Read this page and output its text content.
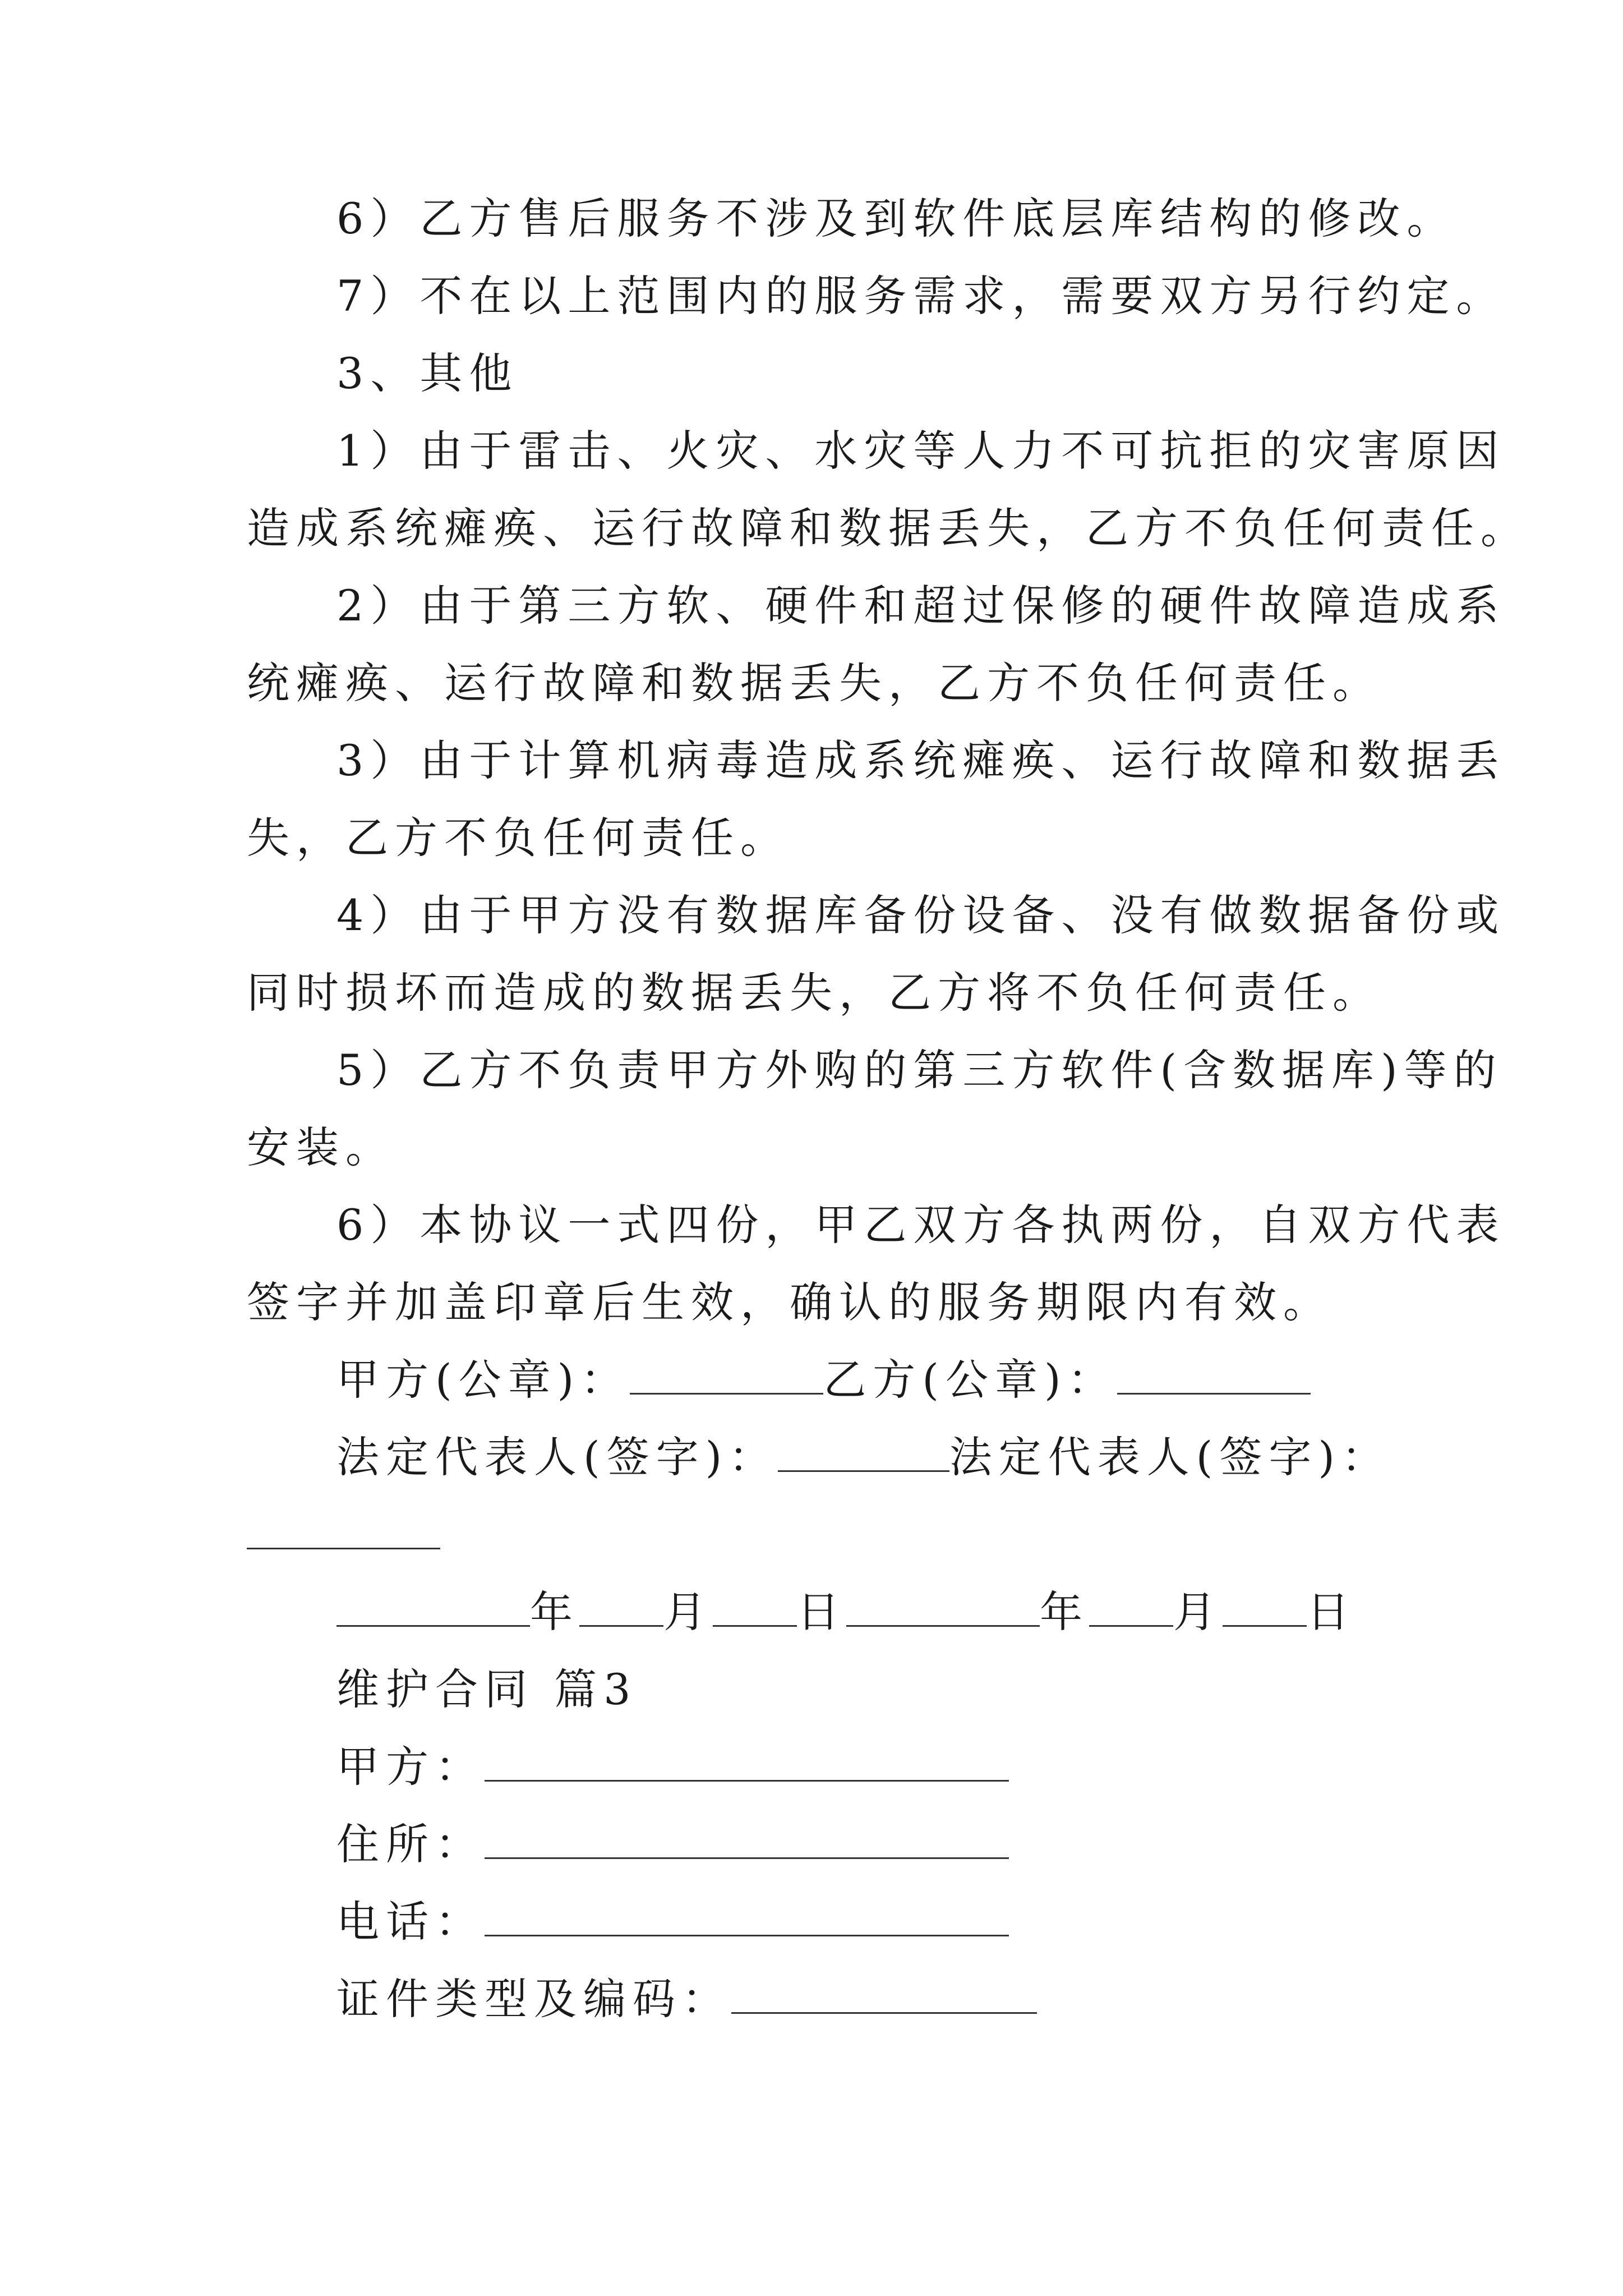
6）乙方售后服务不涉及到软件底层库结构的修改。
7）不在以上范围内的服务需求，需要双方另行约定。
3、其他
1）由于雷击、火灾、水灾等人力不可抗拒的灾害原因
造成系统瘫痪、运行故障和数据丢失，乙方不负任何责任。
2）由于第三方软、硬件和超过保修的硬件故障造成系
统瘫痪、运行故障和数据丢失，乙方不负任何责任。
3）由于计算机病毒造成系统瘫痪、运行故障和数据丢
失，乙方不负任何责任。
4）由于甲方没有数据库备份设备、没有做数据备份或
同时损坏而造成的数据丢失，乙方将不负任何责任。
5）乙方不负责甲方外购的第三方软件(含数据库)等的
安装。
6）本协议一式四份，甲乙双方各执两份，自双方代表
签字并加盖印章后生效，确认的服务期限内有效。
甲方(公章)：	乙方(公章)：
法定代表人(签字)：	法定代表人(签字)：
年 月 日	年 月 日
维护合同 篇3
甲方：
住所：
电话：
证件类型及编码：
